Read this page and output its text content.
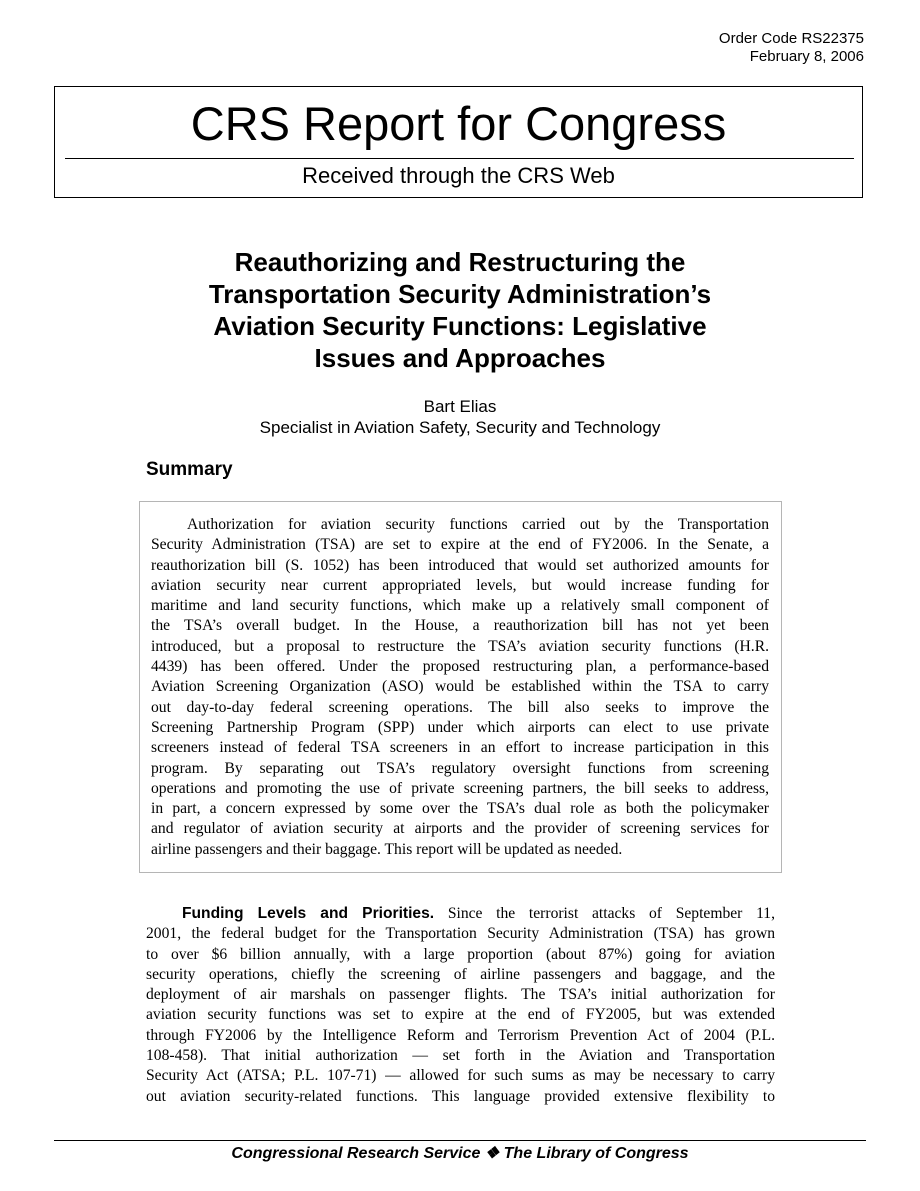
Order Code RS22375
February 8, 2006
CRS Report for Congress
Received through the CRS Web
Reauthorizing and Restructuring the
Transportation Security Administration’s
Aviation Security Functions: Legislative
Issues and Approaches
Bart Elias
Specialist in Aviation Safety, Security and Technology
Summary
Authorization for aviation security functions carried out by the Transportation
Security Administration (TSA) are set to expire at the end of FY2006. In the Senate, a
reauthorization bill (S. 1052) has been introduced that would set authorized amounts for
aviation security near current appropriated levels, but would increase funding for
maritime and land security functions, which make up a relatively small component of
the TSA’s overall budget. In the House, a reauthorization bill has not yet been
introduced, but a proposal to restructure the TSA’s aviation security functions (H.R.
4439) has been offered. Under the proposed restructuring plan, a performance-based
Aviation Screening Organization (ASO) would be established within the TSA to carry
out day-to-day federal screening operations. The bill also seeks to improve the
Screening Partnership Program (SPP) under which airports can elect to use private
screeners instead of federal TSA screeners in an effort to increase participation in this
program. By separating out TSA’s regulatory oversight functions from screening
operations and promoting the use of private screening partners, the bill seeks to address,
in part, a concern expressed by some over the TSA’s dual role as both the policymaker
and regulator of aviation security at airports and the provider of screening services for
airline passengers and their baggage. This report will be updated as needed.
Funding Levels and Priorities. Since the terrorist attacks of September 11,
2001, the federal budget for the Transportation Security Administration (TSA) has grown
to over $6 billion annually, with a large proportion (about 87%) going for aviation
security operations, chiefly the screening of airline passengers and baggage, and the
deployment of air marshals on passenger flights. The TSA’s initial authorization for
aviation security functions was set to expire at the end of FY2005, but was extended
through FY2006 by the Intelligence Reform and Terrorism Prevention Act of 2004 (P.L.
108-458). That initial authorization — set forth in the Aviation and Transportation
Security Act (ATSA; P.L. 107-71) — allowed for such sums as may be necessary to carry
out aviation security-related functions. This language provided extensive flexibility to
Congressional Research Service ❖ The Library of Congress
